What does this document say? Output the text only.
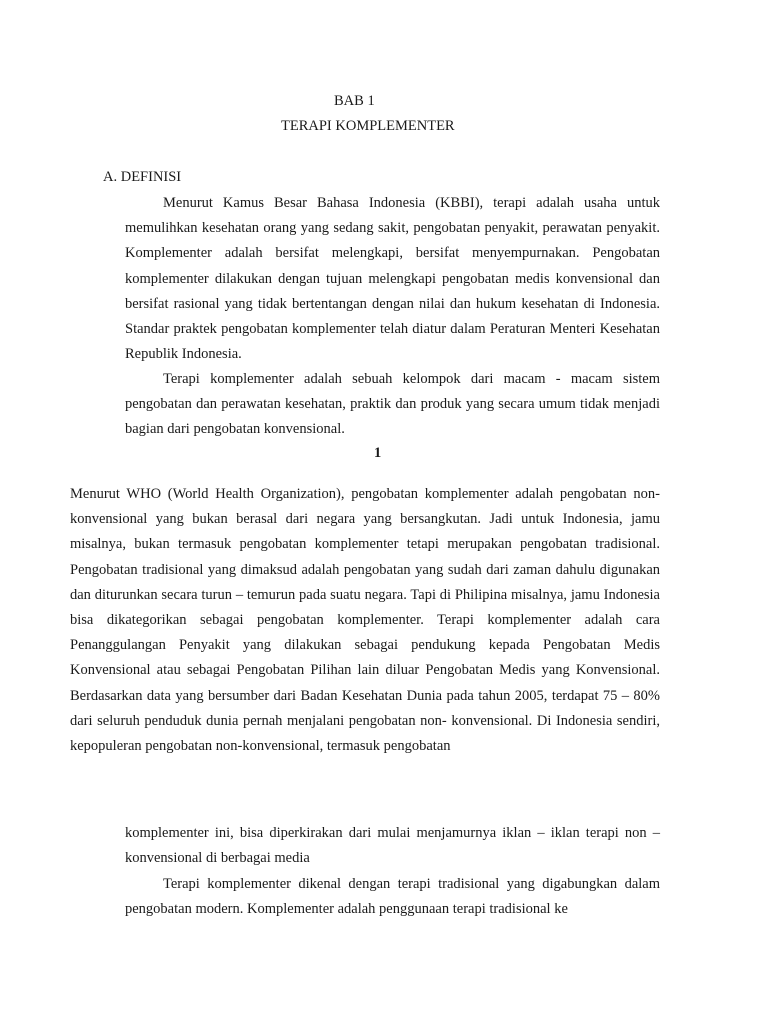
BAB 1

TERAPI KOMPLEMENTER

A. DEFINISI

Menurut Kamus Besar Bahasa Indonesia (KBBI), terapi adalah usaha untuk memulihkan kesehatan orang yang sedang sakit, pengobatan penyakit, perawatan penyakit. Komplementer adalah bersifat melengkapi, bersifat menyempurnakan. Pengobatan komplementer dilakukan dengan tujuan melengkapi pengobatan medis konvensional dan bersifat rasional yang tidak bertentangan dengan nilai dan hukum kesehatan di Indonesia. Standar praktek pengobatan komplementer telah diatur dalam Peraturan Menteri Kesehatan Republik Indonesia.

Terapi komplementer adalah sebuah kelompok dari macam - macam sistem pengobatan dan perawatan kesehatan, praktik dan produk yang secara umum tidak menjadi bagian dari pengobatan konvensional.

1

Menurut WHO (World Health Organization), pengobatan komplementer adalah pengobatan non- konvensional yang bukan berasal dari negara yang bersangkutan. Jadi untuk Indonesia, jamu misalnya, bukan termasuk pengobatan komplementer tetapi merupakan pengobatan tradisional. Pengobatan tradisional yang dimaksud adalah pengobatan yang sudah dari zaman dahulu digunakan dan diturunkan secara turun – temurun pada suatu negara. Tapi di Philipina misalnya, jamu Indonesia bisa dikategorikan sebagai pengobatan komplementer. Terapi komplementer adalah cara Penanggulangan Penyakit yang dilakukan sebagai pendukung kepada Pengobatan Medis Konvensional atau sebagai Pengobatan Pilihan lain diluar Pengobatan Medis yang Konvensional. Berdasarkan data yang bersumber dari Badan Kesehatan Dunia pada tahun 2005, terdapat 75 – 80% dari seluruh penduduk dunia pernah menjalani pengobatan non- konvensional. Di Indonesia sendiri, kepopuleran pengobatan non-konvensional, termasuk pengobatan

komplementer ini, bisa diperkirakan dari mulai menjamurnya iklan – iklan terapi non – konvensional di berbagai media

Terapi komplementer dikenal dengan terapi tradisional yang digabungkan dalam pengobatan modern. Komplementer adalah penggunaan terapi tradisional ke
